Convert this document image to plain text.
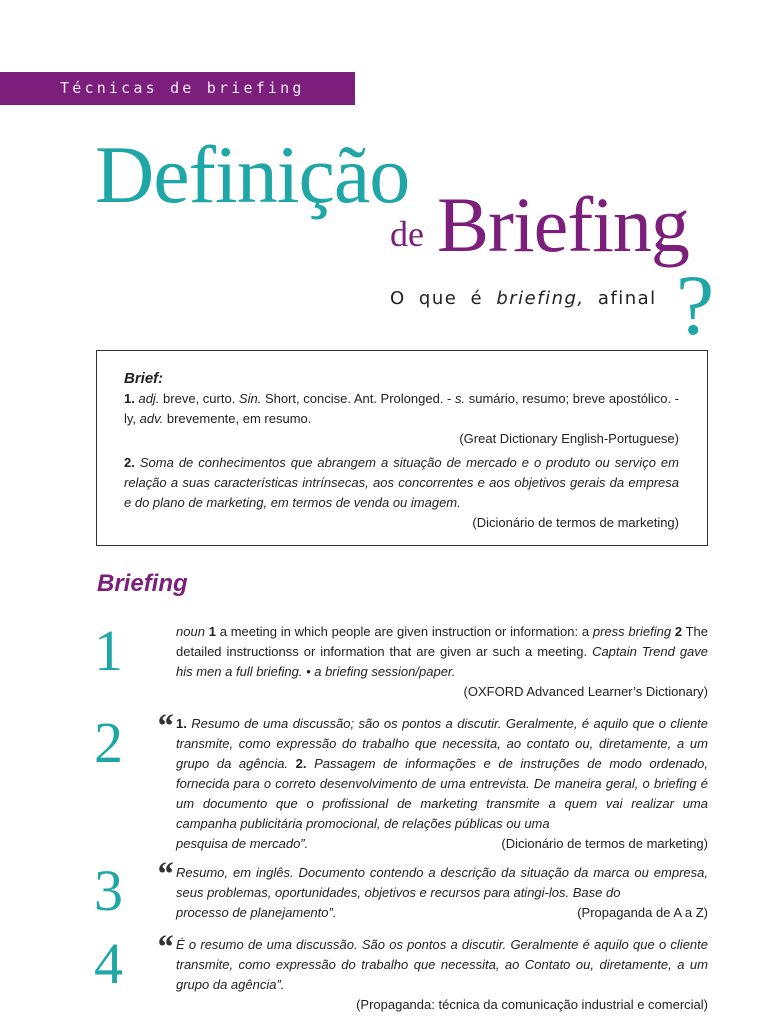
Técnicas de briefing
Definição
de Briefing
O que é briefing, afinal ?
Brief:

1. adj. breve, curto. Sin. Short, concise. Ant. Prolonged. - s. sumário, resumo; breve apostólico. -ly, adv. brevemente, em resumo.

(Great Dictionary English-Portuguese)

2. Soma de conhecimentos que abrangem a situação de mercado e o produto ou serviço em relação a suas características intrínsecas, aos concorrentes e aos objetivos gerais da empresa e do plano de marketing, em termos de venda ou imagem.

(Dicionário de termos de marketing)

Briefing
1	noun 1 a meeting in which people are given instruction or information: a press briefing 2 The detailed instructionss or information that are given ar such a meeting. Captain Trend gave his men a full briefing. • a briefing session/paper.

(OXFORD Advanced Learner’s Dictionary)

2 “ 1. Resumo de uma discussão; são os pontos a discutir. Geralmente, é aquilo que o cliente transmite, como expressão do trabalho que necessita, ao contato ou, diretamente, a um grupo da agência. 2. Passagem de informações e de instruções de modo ordenado, fornecida para o correto desenvolvimento de uma entrevista. De maneira geral, o briefing é um documento que o profissional de marketing transmite a quem vai realizar uma campanha publicitária promocional, de relações públicas ou uma

pesquisa de mercado”.	(Dicionário de termos de marketing)
3 “ Resumo, em inglês. Documento contendo a descrição da situação da marca ou empresa, seus problemas, oportunidades, objetivos e recursos para atingi-los. Base do

processo de planejamento”.	(Propaganda de A a Z)
4 “ É o resumo de uma discussão. São os pontos a discutir. Geralmente é aquilo que o cliente transmite, como expressão do trabalho que necessita, ao Contato ou, diretamente, a um grupo da agência”.

(Propaganda: técnica da comunicação industrial e comercial)
